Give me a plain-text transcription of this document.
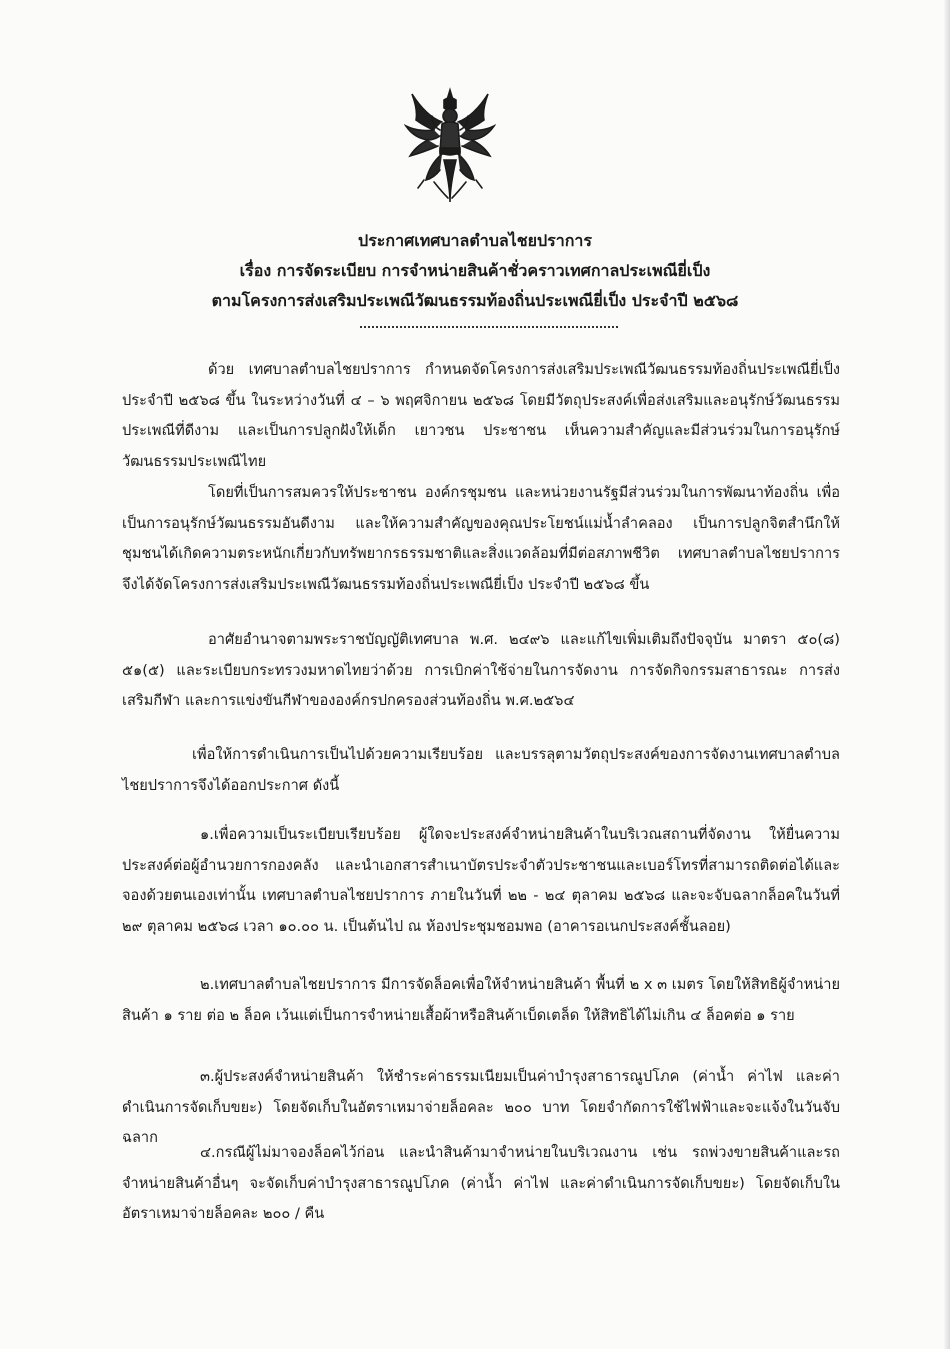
ประกาศเทศบาลตำบลไชยปราการ
เรื่อง การจัดระเบียบ การจำหน่ายสินค้าชั่วคราวเทศกาลประเพณียี่เป็ง
ตามโครงการส่งเสริมประเพณีวัฒนธรรมท้องถิ่นประเพณียี่เป็ง ประจำปี ๒๕๖๘
ด้วย เทศบาลตำบลไชยปราการ กำหนดจัดโครงการส่งเสริมประเพณีวัฒนธรรมท้องถิ่นประเพณียี่เป็ง ประจำปี ๒๕๖๘ ขึ้น ในระหว่างวันที่ ๔ – ๖ พฤศจิกายน ๒๕๖๘ โดยมีวัตถุประสงค์เพื่อส่งเสริมและอนุรักษ์วัฒนธรรม ประเพณีที่ดีงาม และเป็นการปลูกฝังให้เด็ก เยาวชน ประชาชน เห็นความสำคัญและมีส่วนร่วมในการอนุรักษ์วัฒนธรรมประเพณีไทย
โดยที่เป็นการสมควรให้ประชาชน องค์กรชุมชน และหน่วยงานรัฐมีส่วนร่วมในการพัฒนาท้องถิ่น เพื่อเป็นการอนุรักษ์วัฒนธรรมอันดีงาม และให้ความสำคัญของคุณประโยชน์แม่น้ำลำคลอง เป็นการปลูกจิตสำนึกให้ชุมชนได้เกิดความตระหนักเกี่ยวกับทรัพยากรธรรมชาติและสิ่งแวดล้อมที่มีต่อสภาพชีวิต เทศบาลตำบลไชยปราการ จึงได้จัดโครงการส่งเสริมประเพณีวัฒนธรรมท้องถิ่นประเพณียี่เป็ง ประจำปี ๒๕๖๘ ขึ้น
อาศัยอำนาจตามพระราชบัญญัติเทศบาล พ.ศ. ๒๔๙๖ และแก้ไขเพิ่มเติมถึงปัจจุบัน มาตรา ๕๐(๘) ๕๑(๕) และระเบียบกระทรวงมหาดไทยว่าด้วย การเบิกค่าใช้จ่ายในการจัดงาน การจัดกิจกรรมสาธารณะ การส่งเสริมกีฬา และการแข่งขันกีฬาขององค์กรปกครองส่วนท้องถิ่น พ.ศ.๒๕๖๔
เพื่อให้การดำเนินการเป็นไปด้วยความเรียบร้อย และบรรลุตามวัตถุประสงค์ของการจัดงานเทศบาลตำบลไชยปราการจึงได้ออกประกาศ ดังนี้
๑.เพื่อความเป็นระเบียบเรียบร้อย ผู้ใดจะประสงค์จำหน่ายสินค้าในบริเวณสถานที่จัดงาน ให้ยื่นความประสงค์ต่อผู้อำนวยการกองคลัง และนำเอกสารสำเนาบัตรประจำตัวประชาชนและเบอร์โทรที่สามารถติดต่อได้และจองด้วยตนเองเท่านั้น เทศบาลตำบลไชยปราการ ภายในวันที่ ๒๒ - ๒๔ ตุลาคม ๒๕๖๘ และจะจับฉลากล็อคในวันที่ ๒๙ ตุลาคม ๒๕๖๘ เวลา ๑๐.๐๐ น. เป็นต้นไป ณ ห้องประชุมชอมพอ (อาคารอเนกประสงค์ชั้นลอย)
๒.เทศบาลตำบลไชยปราการ มีการจัดล็อคเพื่อให้จำหน่ายสินค้า พื้นที่ ๒ x ๓ เมตร โดยให้สิทธิผู้จำหน่ายสินค้า ๑ ราย ต่อ ๒ ล็อค เว้นแต่เป็นการจำหน่ายเสื้อผ้าหรือสินค้าเบ็ดเตล็ด ให้สิทธิได้ไม่เกิน ๔ ล็อคต่อ ๑ ราย
๓.ผู้ประสงค์จำหน่ายสินค้า ให้ชำระค่าธรรมเนียมเป็นค่าบำรุงสาธารณูปโภค (ค่าน้ำ ค่าไฟ และค่าดำเนินการจัดเก็บขยะ) โดยจัดเก็บในอัตราเหมาจ่ายล็อคละ ๒๐๐ บาท โดยจำกัดการใช้ไฟฟ้าและจะแจ้งในวันจับฉลาก
๔.กรณีผู้ไม่มาจองล็อคไว้ก่อน และนำสินค้ามาจำหน่ายในบริเวณงาน เช่น รถพ่วงขายสินค้าและรถจำหน่ายสินค้าอื่นๆ จะจัดเก็บค่าบำรุงสาธารณูปโภค (ค่าน้ำ ค่าไฟ และค่าดำเนินการจัดเก็บขยะ) โดยจัดเก็บในอัตราเหมาจ่ายล็อคละ ๒๐๐ / คืน
